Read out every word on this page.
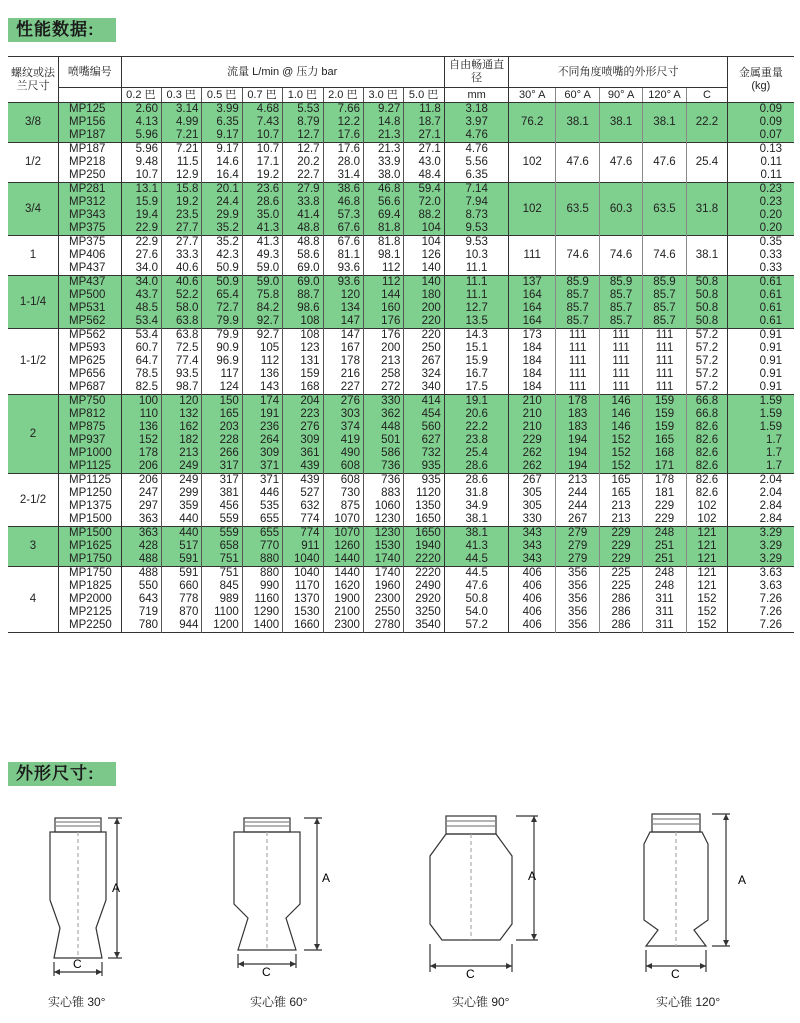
性能数据:
螺纹或法兰尺寸	喷嘴编号	流量 L/min @ 压力 bar								自由畅通直径	不同角度喷嘴的外形尺寸					金属重量 (kg)
		0.2 巴	0.3 巴	0.5 巴	0.7 巴	1.0 巴	2.0 巴	3.0 巴	5.0 巴	mm	30° A	60° A	90° A	120° A	C	
3/8	MP125	2.60	3.14	3.99	4.68	5.53	7.66	9.27	11.8	3.18	76.2	38.1	38.1	38.1	22.2	0.09
	MP156	4.13	4.99	6.35	7.43	8.79	12.2	14.8	18.7	3.97						0.09
	MP187	5.96	7.21	9.17	10.7	12.7	17.6	21.3	27.1	4.76						0.07
1/2	MP187	5.96	7.21	9.17	10.7	12.7	17.6	21.3	27.1	4.76	102	47.6	47.6	47.6	25.4	0.13
	MP218	9.48	11.5	14.6	17.1	20.2	28.0	33.9	43.0	5.56						0.11
	MP250	10.7	12.9	16.4	19.2	22.7	31.4	38.0	48.4	6.35						0.11
3/4	MP281	13.1	15.8	20.1	23.6	27.9	38.6	46.8	59.4	7.14	102	63.5	60.3	63.5	31.8	0.23
	MP312	15.9	19.2	24.4	28.6	33.8	46.8	56.6	72.0	7.94						0.23
	MP343	19.4	23.5	29.9	35.0	41.4	57.3	69.4	88.2	8.73						0.20
	MP375	22.9	27.7	35.2	41.3	48.8	67.6	81.8	104	9.53						0.20
1	MP375	22.9	27.7	35.2	41.3	48.8	67.6	81.8	104	9.53	111	74.6	74.6	74.6	38.1	0.35
	MP406	27.6	33.3	42.3	49.3	58.6	81.1	98.1	126	10.3						0.33
	MP437	34.0	40.6	50.9	59.0	69.0	93.6	112	140	11.1						0.33
1-1/4	MP437	34.0	40.6	50.9	59.0	69.0	93.6	112	140	11.1	137	85.9	85.9	85.9	50.8	0.61
	MP500	43.7	52.2	65.4	75.8	88.7	120	144	180	11.1	164	85.7	85.7	85.7	50.8	0.61
	MP531	48.5	58.0	72.7	84.2	98.6	134	160	200	12.7	164	85.7	85.7	85.7	50.8	0.61
	MP562	53.4	63.8	79.9	92.7	108	147	176	220	13.5	164	85.7	85.7	85.7	50.8	0.61
1-1/2	MP562	53.4	63.8	79.9	92.7	108	147	176	220	14.3	173	111	111	111	57.2	0.91
	MP593	60.7	72.5	90.9	105	123	167	200	250	15.1	184	111	111	111	57.2	0.91
	MP625	64.7	77.4	96.9	112	131	178	213	267	15.9	184	111	111	111	57.2	0.91
	MP656	78.5	93.5	117	136	159	216	258	324	16.7	184	111	111	111	57.2	0.91
	MP687	82.5	98.7	124	143	168	227	272	340	17.5	184	111	111	111	57.2	0.91
2	MP750	100	120	150	174	204	276	330	414	19.1	210	178	146	159	66.8	1.59
	MP812	110	132	165	191	223	303	362	454	20.6	210	183	146	159	66.8	1.59
	MP875	136	162	203	236	276	374	448	560	22.2	210	183	146	159	82.6	1.59
	MP937	152	182	228	264	309	419	501	627	23.8	229	194	152	165	82.6	1.7
	MP1000	178	213	266	309	361	490	586	732	25.4	262	194	152	168	82.6	1.7
	MP1125	206	249	317	371	439	608	736	935	28.6	262	194	152	171	82.6	1.7
2-1/2	MP1125	206	249	317	371	439	608	736	935	28.6	267	213	165	178	82.6	2.04
	MP1250	247	299	381	446	527	730	883	1120	31.8	305	244	165	181	82.6	2.04
	MP1375	297	359	456	535	632	875	1060	1350	34.9	305	244	213	229	102	2.84
	MP1500	363	440	559	655	774	1070	1230	1650	38.1	330	267	213	229	102	2.84
3	MP1500	363	440	559	655	774	1070	1230	1650	38.1	343	279	229	248	121	3.29
	MP1625	428	517	658	770	911	1260	1530	1940	41.3	343	279	229	251	121	3.29
	MP1750	488	591	751	880	1040	1440	1740	2220	44.5	343	279	229	251	121	3.29
4	MP1750	488	591	751	880	1040	1440	1740	2220	44.5	406	356	225	248	121	3.63
	MP1825	550	660	845	990	1170	1620	1960	2490	47.6	406	356	225	248	121	3.63
	MP2000	643	778	989	1160	1370	1900	2300	2920	50.8	406	356	286	311	152	7.26
	MP2125	719	870	1100	1290	1530	2100	2550	3250	54.0	406	356	286	311	152	7.26
	MP2250	780	944	1200	1400	1660	2300	2780	3540	57.2	406	356	286	311	152	7.26

外形尺寸:
A
C
实心锥 30°
A
C
实心锥 60°
A
C
实心锥 90°
A
C
实心锥 120°
